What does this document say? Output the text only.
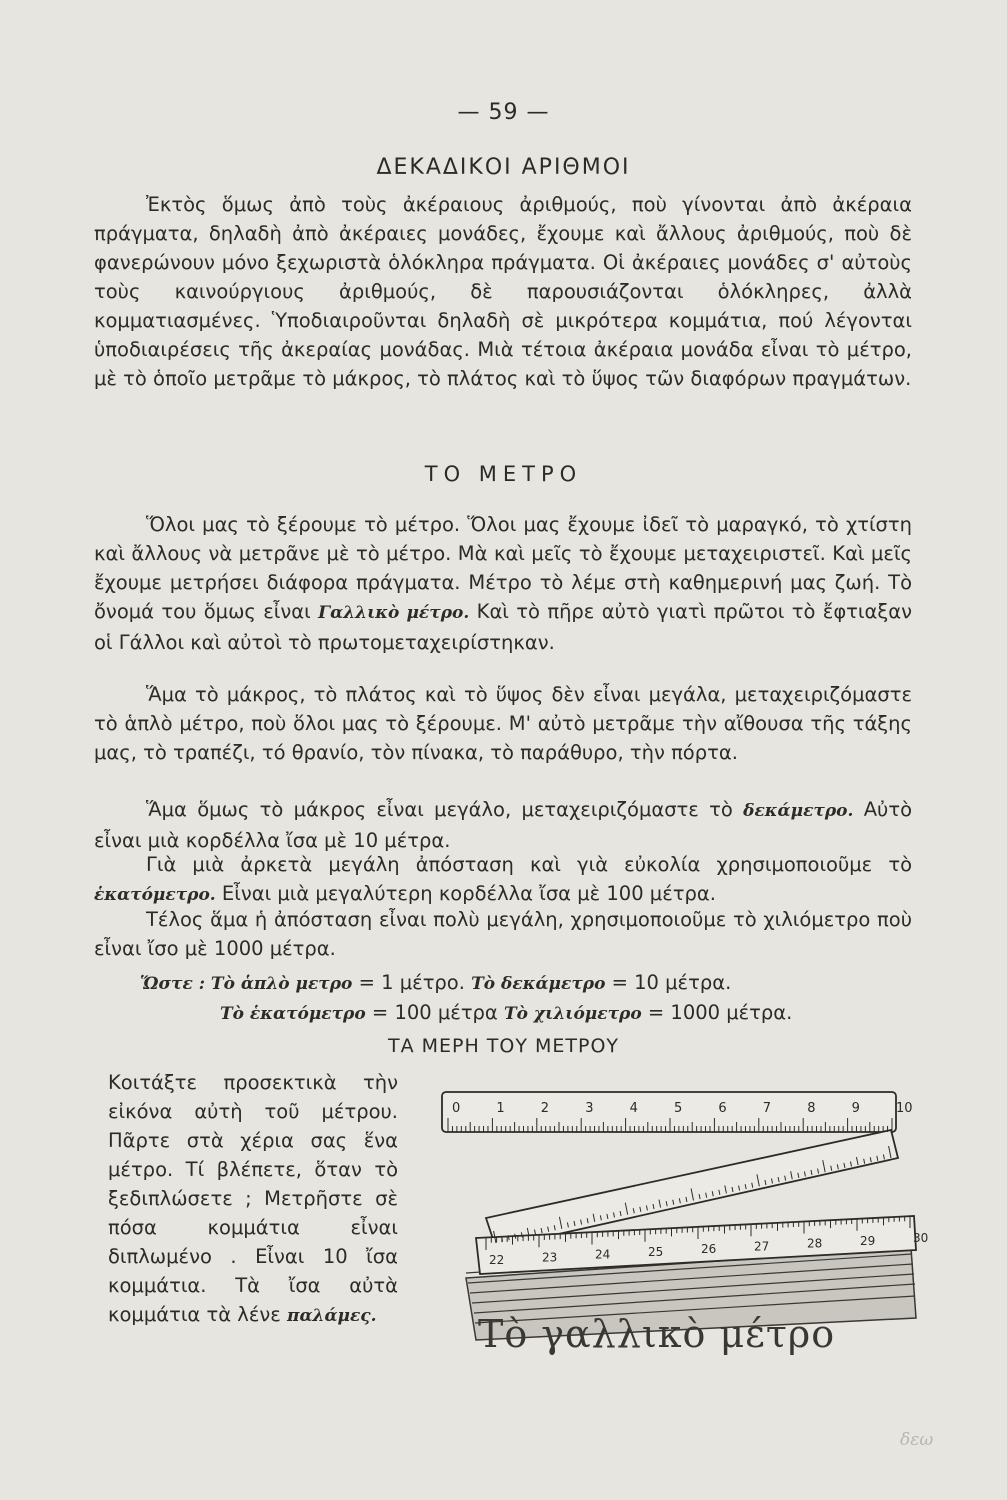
— 59 —
ΔΕΚΑΔΙΚΟΙ ΑΡΙΘΜΟΙ
Ἐκτὸς ὅμως ἀπὸ τοὺς ἀκέραιους ἀριθμούς, ποὺ γίνονται ἀπὸ ἀκέραια πράγματα, δηλαδὴ ἀπὸ ἀκέραιες μονάδες, ἔχουμε καὶ ἄλλους ἀριθμούς, ποὺ δὲ φανερώνουν μόνο ξεχωριστὰ ὁλόκληρα πράγματα. Οἱ ἀκέραιες μονάδες σ' αὐτοὺς τοὺς καινούργιους ἀριθμούς, δὲ παρουσιάζονται ὁλόκληρες, ἀλλὰ κομματιασμένες. Ὑποδιαιροῦνται δηλαδὴ σὲ μικρότερα κομμάτια, πού λέγονται ὑποδιαιρέσεις τῆς ἀκεραίας μονάδας. Μιὰ τέτοια ἀκέραια μονάδα εἶναι τὸ μέτρο, μὲ τὸ ὁποῖο μετρᾶμε τὸ μάκρος, τὸ πλάτος καὶ τὸ ὕψος τῶν διαφόρων πραγμάτων.
ΤΟ ΜΕΤΡΟ
Ὅλοι μας τὸ ξέρουμε τὸ μέτρο. Ὅλοι μας ἔχουμε ἰδεῖ τὸ μαραγκό, τὸ χτίστη καὶ ἄλλους νὰ μετρᾶνε μὲ τὸ μέτρο. Μὰ καὶ μεῖς τὸ ἔχουμε μεταχειριστεῖ. Καὶ μεῖς ἔχουμε μετρήσει διάφορα πράγματα. Μέτρο τὸ λέμε στὴ καθημερινή μας ζωή. Τὸ ὄνομά του ὅμως εἶναι Γαλλικὸ μέτρο. Καὶ τὸ πῆρε αὐτὸ γιατὶ πρῶτοι τὸ ἔφτιαξαν οἱ Γάλλοι καὶ αὐτοὶ τὸ πρωτομεταχειρίστηκαν.
Ἅμα τὸ μάκρος, τὸ πλάτος καὶ τὸ ὕψος δὲν εἶναι μεγάλα, μεταχειριζόμαστε τὸ ἁπλὸ μέτρο, ποὺ ὅλοι μας τὸ ξέρουμε. Μ' αὐτὸ μετρᾶμε τὴν αἴθουσα τῆς τάξης μας, τὸ τραπέζι, τό θρανίο, τὸν πίνακα, τὸ παράθυρο, τὴν πόρτα.
Ἅμα ὅμως τὸ μάκρος εἶναι μεγάλο, μεταχειριζόμαστε τὸ δεκάμετρο. Αὐτὸ εἶναι μιὰ κορδέλλα ἴσα μὲ 10 μέτρα.
Γιὰ μιὰ ἀρκετὰ μεγάλη ἀπόσταση καὶ γιὰ εὐκολία χρησιμοποιοῦμε τὸ ἑκατόμετρο. Εἶναι μιὰ μεγαλύτερη κορδέλλα ἴσα μὲ 100 μέτρα.
Τέλος ἅμα ἡ ἀπόσταση εἶναι πολὺ μεγάλη, χρησιμοποιοῦμε τὸ χιλιόμετρο ποὺ εἶναι ἴσο μὲ 1000 μέτρα.
Ὥστε : Τὸ ἁπλὸ μετρο = 1 μέτρο. Τὸ δεκάμετρο = 10 μέτρα.
Τὸ ἑκατόμετρο = 100 μέτρα Τὸ χιλιόμετρο = 1000 μέτρα.
ΤΑ ΜΕΡΗ ΤΟΥ ΜΕΤΡΟΥ
Κοιτάξτε προσεκτικὰ τὴν εἰκόνα αὐτὴ τοῦ μέτρου. Πᾶρτε στὰ χέρια σας ἕνα μέτρο. Τί βλέπετε, ὅταν τὸ ξεδιπλώσετε ; Μετρῆστε σὲ πόσα κομμάτια εἶναι διπλωμένο . Εἶναι 10 ἴσα κομμάτια. Τὰ ἴσα αὐτὰ κομμάτια τὰ λένε παλάμες.
0	1	2	3	4	5	6	7	8	9	10
22	23	24	25	26	27	28	29	30
Τὸ γαλλικὸ μέτρο
δεω
